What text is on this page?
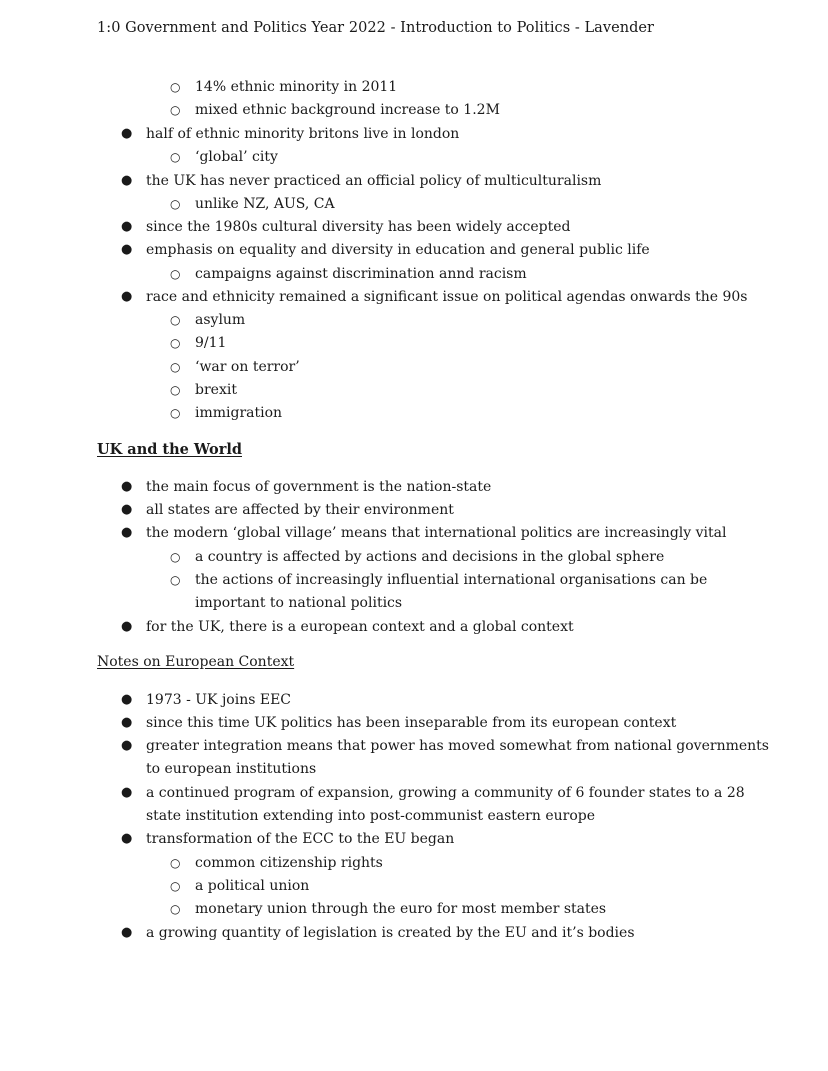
1:0 Government and Politics Year 2022 - Introduction to Politics - Lavender
○ 14% ethnic minority in 2011
○ mixed ethnic background increase to 1.2M
● half of ethnic minority britons live in london
○ ‘global’ city
● the UK has never practiced an official policy of multiculturalism
○ unlike NZ, AUS, CA
● since the 1980s cultural diversity has been widely accepted
● emphasis on equality and diversity in education and general public life
○ campaigns against discrimination annd racism
● race and ethnicity remained a significant issue on political agendas onwards the 90s
○ asylum
○ 9/11
○ ‘war on terror’
○ brexit
○ immigration
UK and the World
● the main focus of government is the nation-state
● all states are affected by their environment
● the modern ‘global village’ means that international politics are increasingly vital
○ a country is affected by actions and decisions in the global sphere
○ the actions of increasingly influential international organisations can be
important to national politics
● for the UK, there is a european context and a global context
Notes on European Context
● 1973 - UK joins EEC
● since this time UK politics has been inseparable from its european context
● greater integration means that power has moved somewhat from national governments
to european institutions
● a continued program of expansion, growing a community of 6 founder states to a 28
state institution extending into post-communist eastern europe
● transformation of the ECC to the EU began
○ common citizenship rights
○ a political union
○ monetary union through the euro for most member states
● a growing quantity of legislation is created by the EU and it’s bodies
